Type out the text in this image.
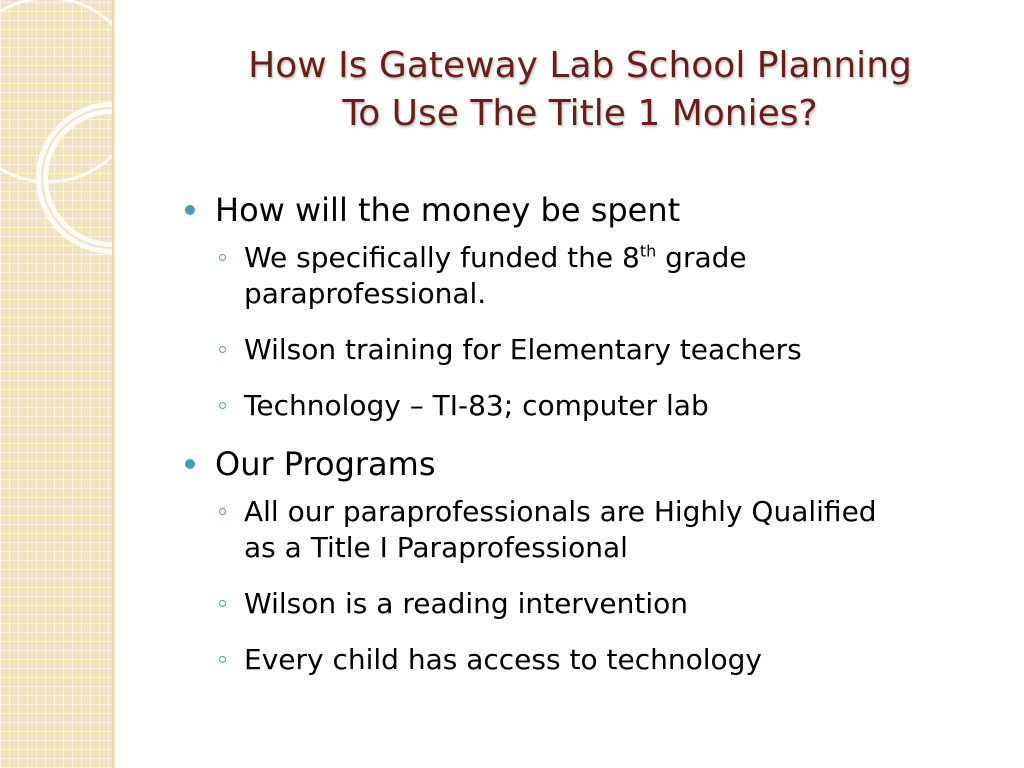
How Is Gateway Lab School Planning
To Use The Title 1 Monies?
How will the money be spent
We specifically funded the 8th grade
paraprofessional.
Wilson training for Elementary teachers
Technology – TI-83; computer lab
Our Programs
All our paraprofessionals are Highly Qualified
as a Title I Paraprofessional
Wilson is a reading intervention
Every child has access to technology
